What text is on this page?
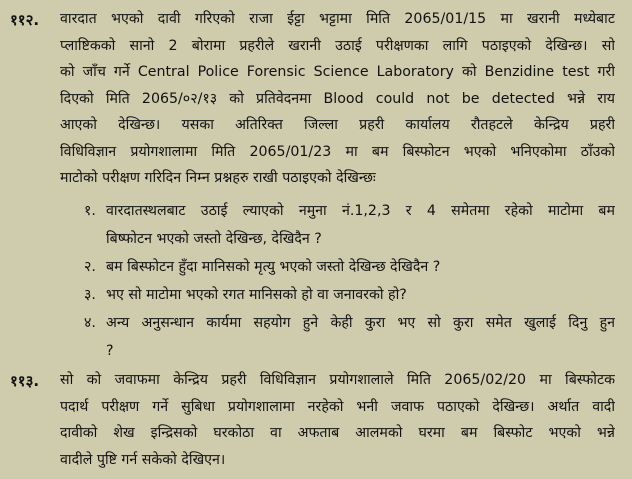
११२. वारदात भएको दावी गरिएको राजा ईट्टा भट्टामा मिति 2065/01/15 मा खरानी मध्येबाट
प्लाष्टिकको सानो 2 बोरामा प्रहरीले खरानी उठाई परीक्षणका लागि पठाइएको देखिन्छ। सो
को जाँच गर्ने Central Police Forensic Science Laboratory को Benzidine test गरी
दिएको मिति 2065/०२/१३ को प्रतिवेदनमा Blood could not be detected भन्ने राय
आएको देखिन्छ। यसका अतिरिक्त जिल्ला प्रहरी कार्यालय रौतहटले केन्द्रिय प्रहरी
विधिविज्ञान प्रयोगशालामा मिति 2065/01/23 मा बम बिस्फोटन भएको भनिएकोमा ठाँउको
माटोको परीक्षण गरिदिन निम्न प्रश्नहरु राखी पठाइएको देखिन्छः
१. वारदातस्थलबाट उठाई ल्याएको नमुना नं.1,2,3 र 4 समेतमा रहेको माटोमा बम
बिष्फोटन भएको जस्तो देखिन्छ, देखिदैन ?
२. बम बिस्फोटन हुँदा मानिसको मृत्यु भएको जस्तो देखिन्छ देखिदैन ?
३. भए सो माटोमा भएको रगत मानिसको हो वा जनावरको हो?
४. अन्य अनुसन्धान कार्यमा सहयोग हुने केही कुरा भए सो कुरा समेत खुलाई दिनु हुन
?
११३. सो को जवाफमा केन्द्रिय प्रहरी विधिविज्ञान प्रयोगशालाले मिति 2065/02/20 मा बिस्फोटक
पदार्थ परीक्षण गर्ने सुबिधा प्रयोगशालामा नरहेको भनी जवाफ पठाएको देखिन्छ। अर्थात वादी
दावीको शेख इन्द्रिसको घरकोठा वा अफताब आलमको घरमा बम बिस्फोट भएको भन्ने
वादीले पुष्टि गर्न सकेको देखिएन।
